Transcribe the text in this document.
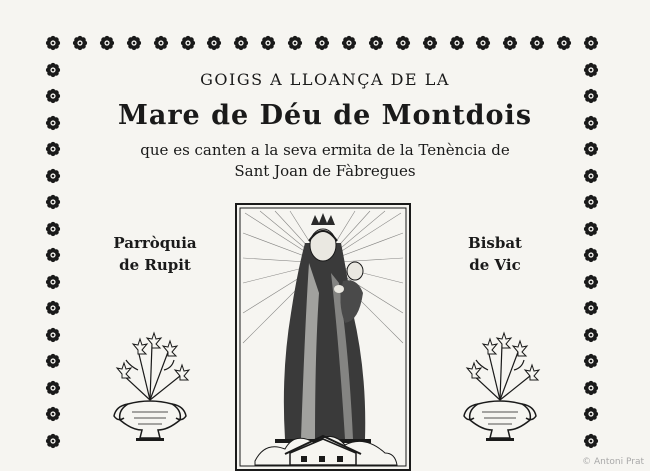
GOIGS A LLOANÇA DE LA
Mare de Déu de Montdois
que es canten a la seva ermita de la Tenència de
Sant Joan de Fàbregues
Parròquia
de Rupit
Bisbat
de Vic
© Antoni Prat
